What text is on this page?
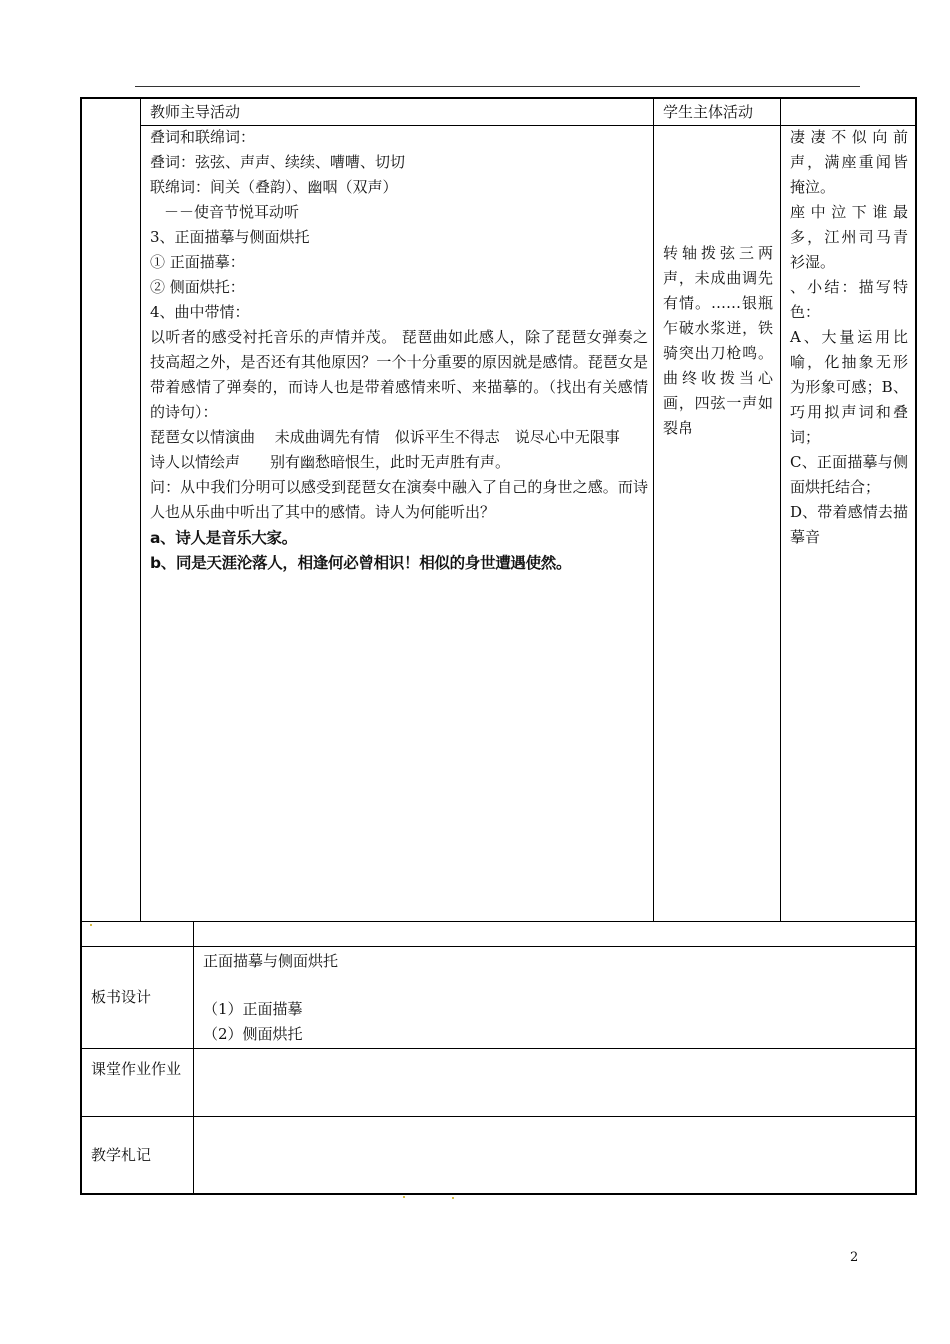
教师主导活动	学生主体活动
叠词和联绵词：
叠词：弦弦、声声、续续、嘈嘈、切切
联绵词：间关（叠韵）、幽咽（双声）
－－使音节悦耳动听
3、正面描摹与侧面烘托
① 正面描摹：
② 侧面烘托：
4、曲中带情：
以听者的感受衬托音乐的声情并茂。 琵琶曲如此感人，除了琵琶女弹奏之技高超之外，是否还有其他原因？一个十分重要的原因就是感情。琵琶女是带着感情了弹奏的，而诗人也是带着感情来听、来描摹的。（找出有关感情的诗句）：
琵琶女以情演曲　 未成曲调先有情　似诉平生不得志　说尽心中无限事
诗人以情绘声　　别有幽愁暗恨生，此时无声胜有声。
问：从中我们分明可以感受到琵琶女在演奏中融入了自己的身世之感。而诗人也从乐曲中听出了其中的感情。诗人为何能听出？
a、诗人是音乐大家。
b、同是天涯沦落人，相逢何必曾相识！相似的身世遭遇使然。
转轴拨弦三两声，未成曲调先有情。……银瓶乍破水浆迸，铁骑突出刀枪鸣。曲终收拨当心画，四弦一声如裂帛
凄凄不似向前声，满座重闻皆掩泣。
座中泣下谁最多，江州司马青衫湿。
、小结：描写特色：
A、大量运用比喻，化抽象无形为形象可感；B、巧用拟声词和叠词；
C、正面描摹与侧面烘托结合；
D、带着感情去描摹音
板书设计
正面描摹与侧面烘托
（1）正面描摹
（2）侧面烘托
课堂作业作业
教学札记
2
